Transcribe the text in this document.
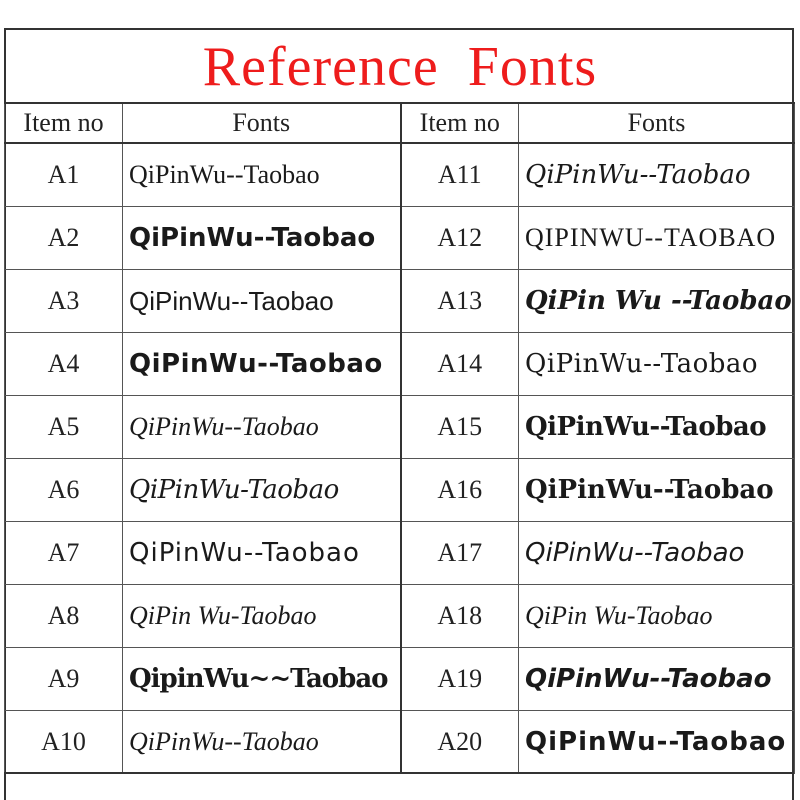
Reference Fonts
Item no	Fonts	Item no	Fonts
A1	QiPinWu--Taobao	A11	QiPinWu--Taobao
A2	QiPinWu--Taobao	A12	QIPINWU--TAOBAO
A3	QiPinWu--Taobao	A13	QiPin Wu --Taobao
A4	QiPinWu--Taobao	A14	QiPinWu--Taobao
A5	QiPinWu--Taobao	A15	QiPinWu--Taobao
A6	QiPinWu-Taobao	A16	QiPinWu--Taobao
A7	QiPinWu--Taobao	A17	QiPinWu--Taobao
A8	QiPin Wu-Taobao	A18	QiPin Wu-Taobao
A9	QipinWu~~Taobao	A19	QiPinWu--Taobao
A10	QiPinWu--Taobao	A20	QiPinWu--Taobao
